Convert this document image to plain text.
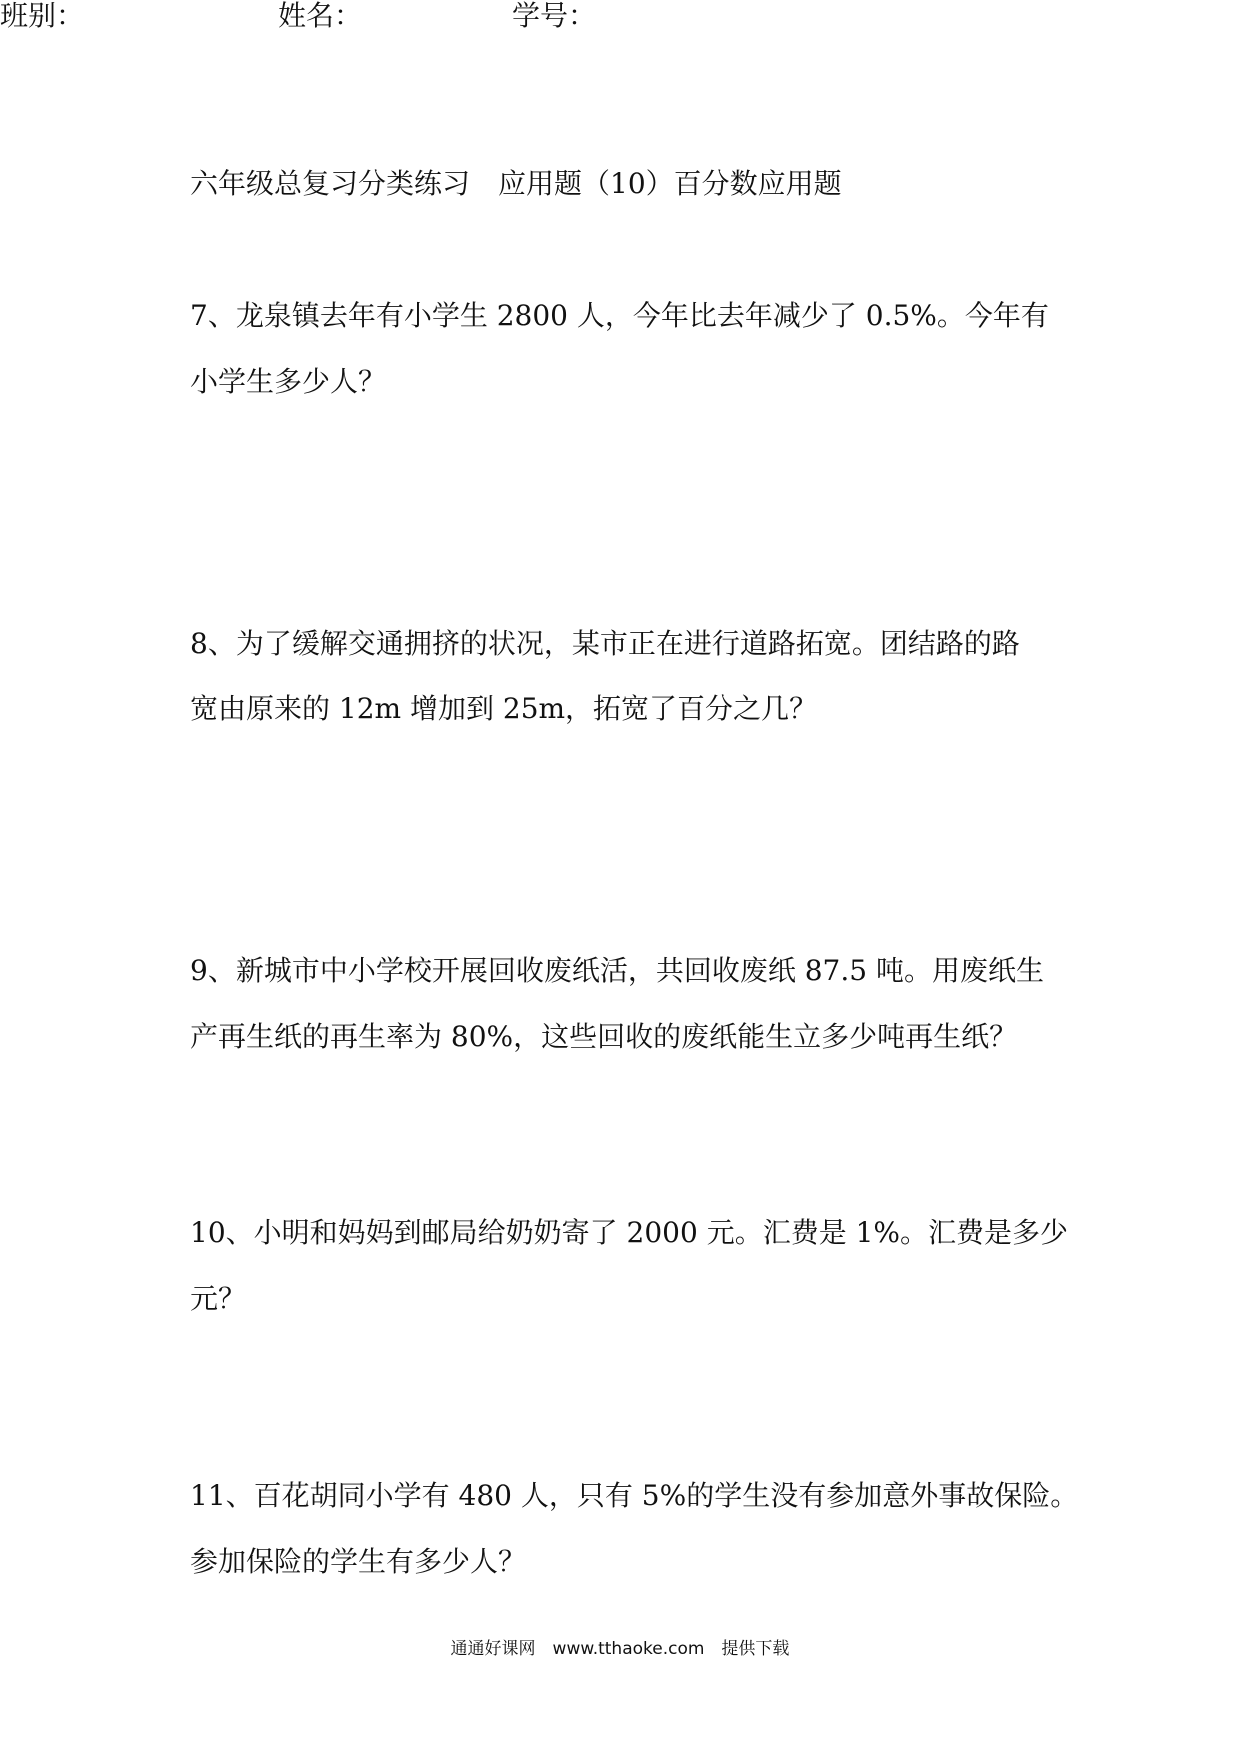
六年级总复习分类练习　应用题（10）百分数应用题

班别：	姓名：	学号：

7、龙泉镇去年有小学生 2800 人，今年比去年减少了 0.5%。今年有

小学生多少人？

8、为了缓解交通拥挤的状况，某市正在进行道路拓宽。团结路的路

宽由原来的 12m 增加到 25m，拓宽了百分之几？

9、新城市中小学校开展回收废纸活，共回收废纸 87.5 吨。用废纸生

产再生纸的再生率为 80%，这些回收的废纸能生立多少吨再生纸？

10、小明和妈妈到邮局给奶奶寄了 2000 元。汇费是 1%。汇费是多少

元？

11、百花胡同小学有 480 人，只有 5%的学生没有参加意外事故保险。

参加保险的学生有多少人？

通通好课网　www.tthaoke.com　提供下载
